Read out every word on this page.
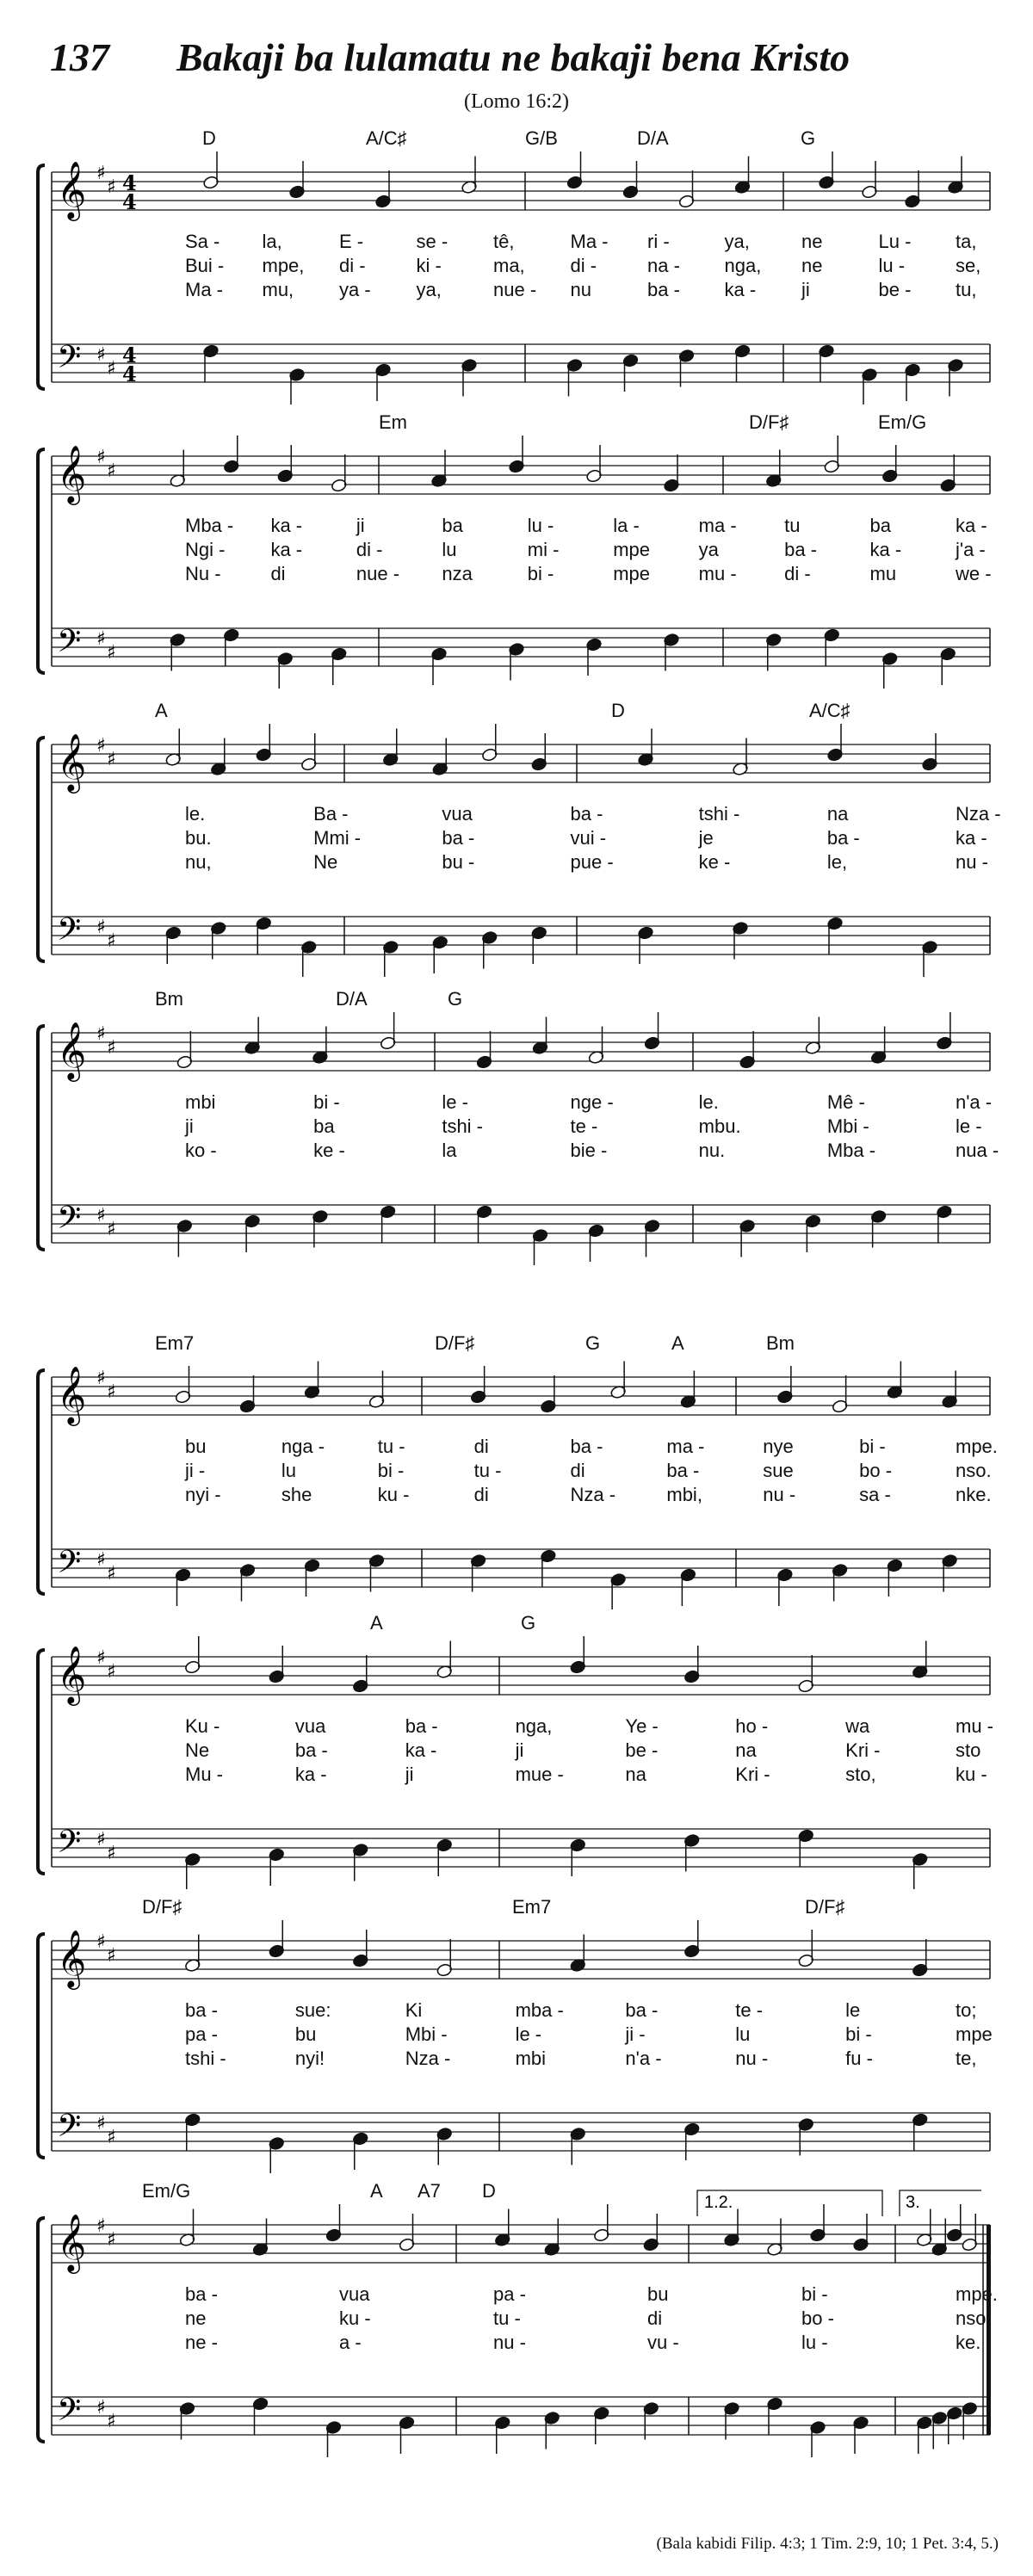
137 Bakaji ba lulamatu ne bakaji bena Kristo
(Lomo 16:2)
𝄞
𝄢
♯
♯
♯
♯
4
4
4
4
D	A/C♯	G/B	D/A	G
Sa - la,	E -	se - tê,	Ma - ri -	ya,	ne	Lu - ta,
Bui - mpe, di -	ki -	ma, di -	na - nga, ne	lu -	se,
Ma - mu, ya - ya,	nue - nu	ba - ka - ji	be - tu,
𝄞
𝄢
♯
♯
♯
♯
Em	D/F♯	Em/G
Mba - ka -	ji	ba	lu -	la -	ma -	tu	ba	ka -
Ngi - ka -	di -	lu	mi -	mpe	ya	ba -	ka -	j'a -
Nu -	di	nue - nza	bi -	mpe	mu -	di -	mu	we -
𝄞
𝄢
♯
♯
♯
♯
A	D	A/C♯
le.	Ba -	vua	ba -	tshi -	na	Nza -
bu.	Mmi -	ba -	vui -	je	ba -	ka -
nu,	Ne	bu -	pue -	ke -	le,	nu -
𝄞
𝄢
♯
♯
♯
♯
Bm	D/A	G
mbi	bi -	le -	nge -	le.	Mê -	n'a -
ji	ba	tshi -	te -	mbu.	Mbi -	le -
ko -	ke -	la	bie -	nu.	Mba -	nua -
𝄞
𝄢
♯
♯
♯
♯
Em7	D/F♯	G	A	Bm
bu	nga -	tu -	di	ba -	ma -	nye	bi -	mpe.
ji -	lu	bi -	tu -	di	ba -	sue	bo -	nso.
nyi -	she	ku -	di	Nza -	mbi,	nu -	sa -	nke.
𝄞
𝄢
♯
♯
♯
♯
A	G
Ku -	vua	ba -	nga,	Ye -	ho -	wa	mu -
Ne	ba -	ka -	ji	be -	na	Kri -	sto
Mu -	ka -	ji	mue -	na	Kri -	sto,	ku -
𝄞
𝄢
♯
♯
♯
♯
D/F♯	Em7	D/F♯
ba -	sue:	Ki	mba -	ba -	te -	le	to;
pa -	bu	Mbi -	le -	ji -	lu	bi -	mpe
tshi -	nyi!	Nza -	mbi	n'a -	nu -	fu -	te,
𝄞
𝄢
♯
♯
♯
♯
1.2.	3.
Em/G	A A7 D
ba -	vua	pa -	bu	bi -	mpe.
ne	ku -	tu -	di	bo -	nso.
ne -	a -	nu -	vu -	lu -	ke.
(Bala kabidi Filip. 4:3; 1 Tim. 2:9, 10; 1 Pet. 3:4, 5.)
